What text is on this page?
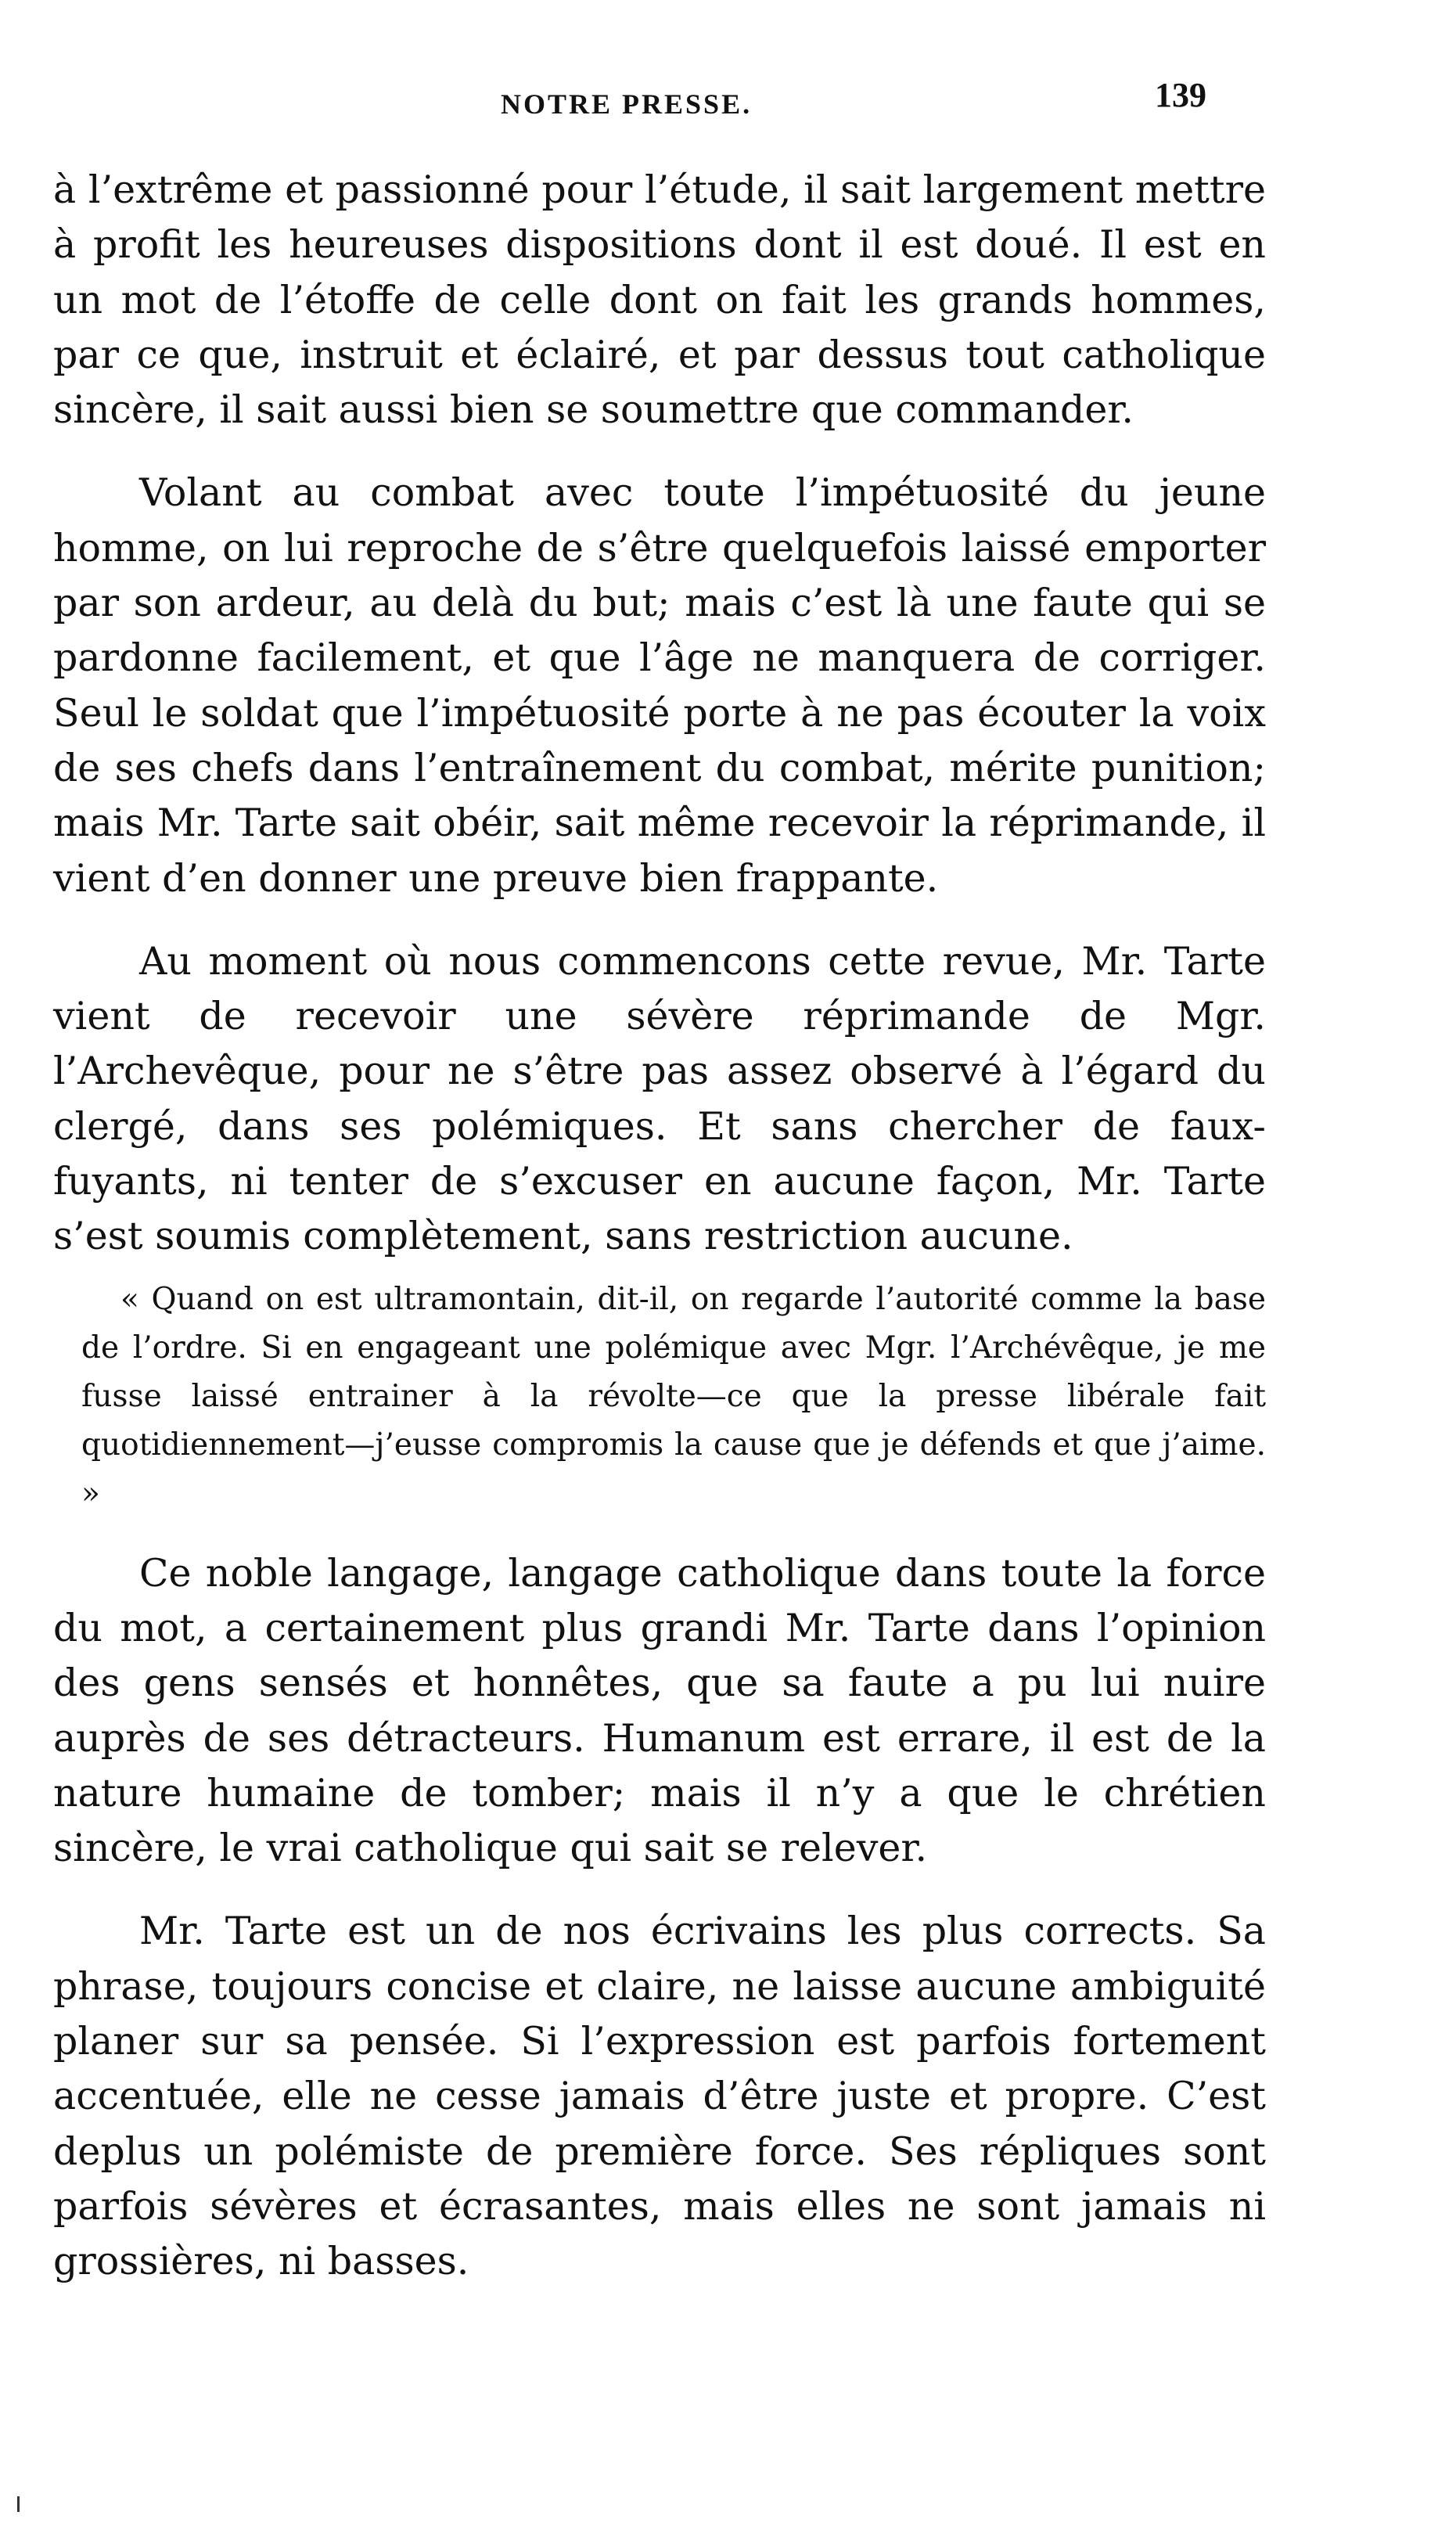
NOTRE PRESSE.	139

à l’extrême et passionné pour l’étude, il sait largement mettre à profit les heureuses dispositions dont il est doué. Il est en un mot de l’étoffe de celle dont on fait les grands hommes, par ce que, instruit et éclairé, et par dessus tout catholique sincère, il sait aussi bien se soumettre que commander.

Volant au combat avec toute l’impétuosité du jeune homme, on lui reproche de s’être quelquefois laissé emporter par son ardeur, au delà du but; mais c’est là une faute qui se pardonne facilement, et que l’âge ne manquera de corriger. Seul le soldat que l’impétuosité porte à ne pas écouter la voix de ses chefs dans l’entraînement du combat, mérite punition; mais Mr. Tarte sait obéir, sait même recevoir la réprimande, il vient d’en donner une preuve bien frappante.

Au moment où nous commencons cette revue, Mr. Tarte vient de recevoir une sévère réprimande de Mgr. l’Archevêque, pour ne s’être pas assez observé à l’égard du clergé, dans ses polémiques. Et sans chercher de faux-fuyants, ni tenter de s’excuser en aucune façon, Mr. Tarte s’est soumis complètement, sans restriction aucune.

« Quand on est ultramontain, dit-il, on regarde l’autorité comme la base de l’ordre. Si en engageant une polémique avec Mgr. l’Archévêque, je me fusse laissé entrainer à la révolte—ce que la presse libérale fait quotidiennement—j’eusse compromis la cause que je défends et que j’aime. »

Ce noble langage, langage catholique dans toute la force du mot, a certainement plus grandi Mr. Tarte dans l’opinion des gens sensés et honnêtes, que sa faute a pu lui nuire auprès de ses détracteurs. Humanum est errare, il est de la nature humaine de tomber; mais il n’y a que le chrétien sincère, le vrai catholique qui sait se relever.

Mr. Tarte est un de nos écrivains les plus corrects. Sa phrase, toujours concise et claire, ne laisse aucune ambiguité planer sur sa pensée. Si l’expression est parfois fortement accentuée, elle ne cesse jamais d’être juste et propre. C’est deplus un polémiste de première force. Ses répliques sont parfois sévères et écrasantes, mais elles ne sont jamais ni grossières, ni basses.
